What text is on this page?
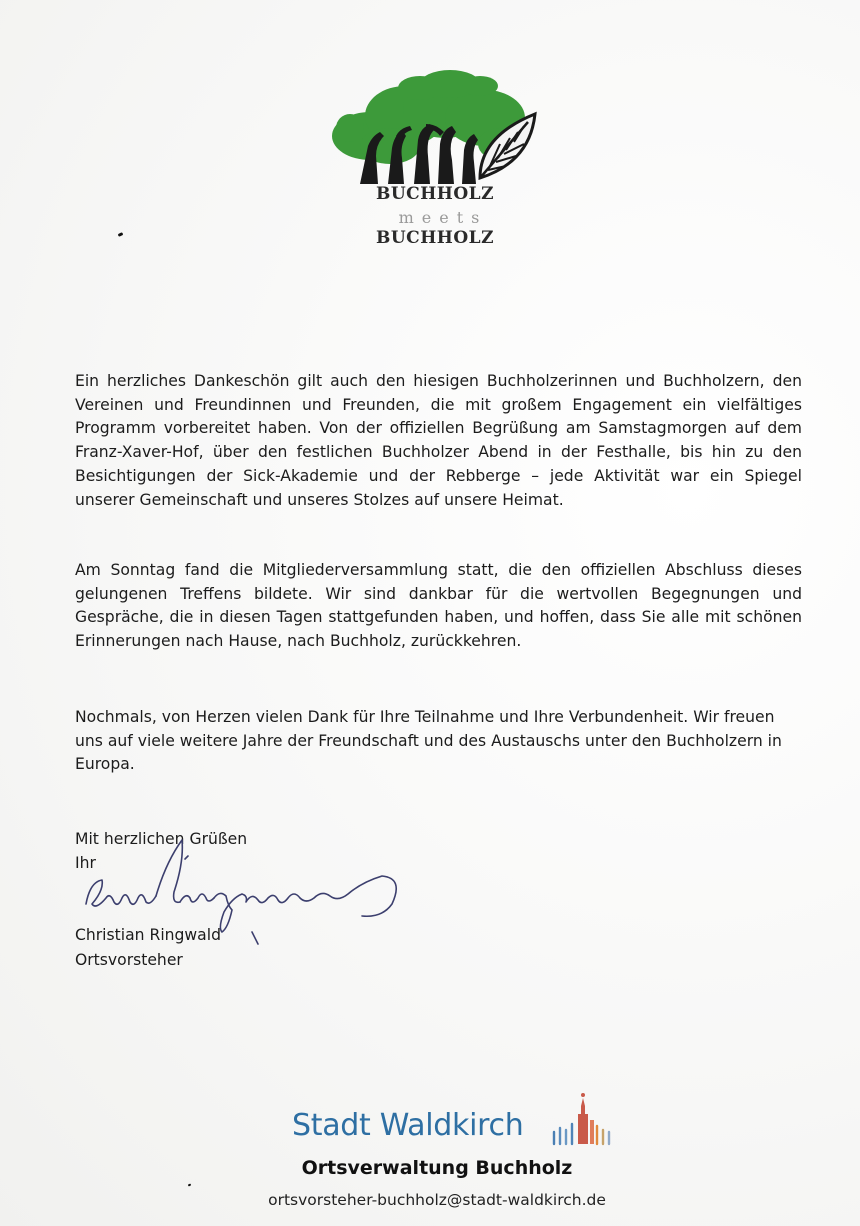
BUCHHOLZ
meets
BUCHHOLZ

Ein herzliches Dankeschön gilt auch den hiesigen Buchholzerinnen und Buchholzern, den Vereinen und Freundinnen und Freunden, die mit großem Engagement ein vielfältiges Programm vorbereitet haben. Von der offiziellen Begrüßung am Samstagmorgen auf dem Franz-Xaver-Hof, über den festlichen Buchholzer Abend in der Festhalle, bis hin zu den Besichtigungen der Sick-Akademie und der Rebberge – jede Aktivität war ein Spiegel unserer Gemeinschaft und unseres Stolzes auf unsere Heimat.

Am Sonntag fand die Mitgliederversammlung statt, die den offiziellen Abschluss dieses gelungenen Treffens bildete. Wir sind dankbar für die wertvollen Begegnungen und Gespräche, die in diesen Tagen stattgefunden haben, und hoffen, dass Sie alle mit schönen Erinnerungen nach Hause, nach Buchholz, zurückkehren.

Nochmals, von Herzen vielen Dank für Ihre Teilnahme und Ihre Verbundenheit. Wir freuen uns auf viele weitere Jahre der Freundschaft und des Austauschs unter den Buchholzern in Europa.

Mit herzlichen Grüßen
Ihr
Christian Ringwald
Ortsvorsteher
Stadt Waldkirch
Ortsverwaltung Buchholz
ortsvorsteher-buchholz@stadt-waldkirch.de
